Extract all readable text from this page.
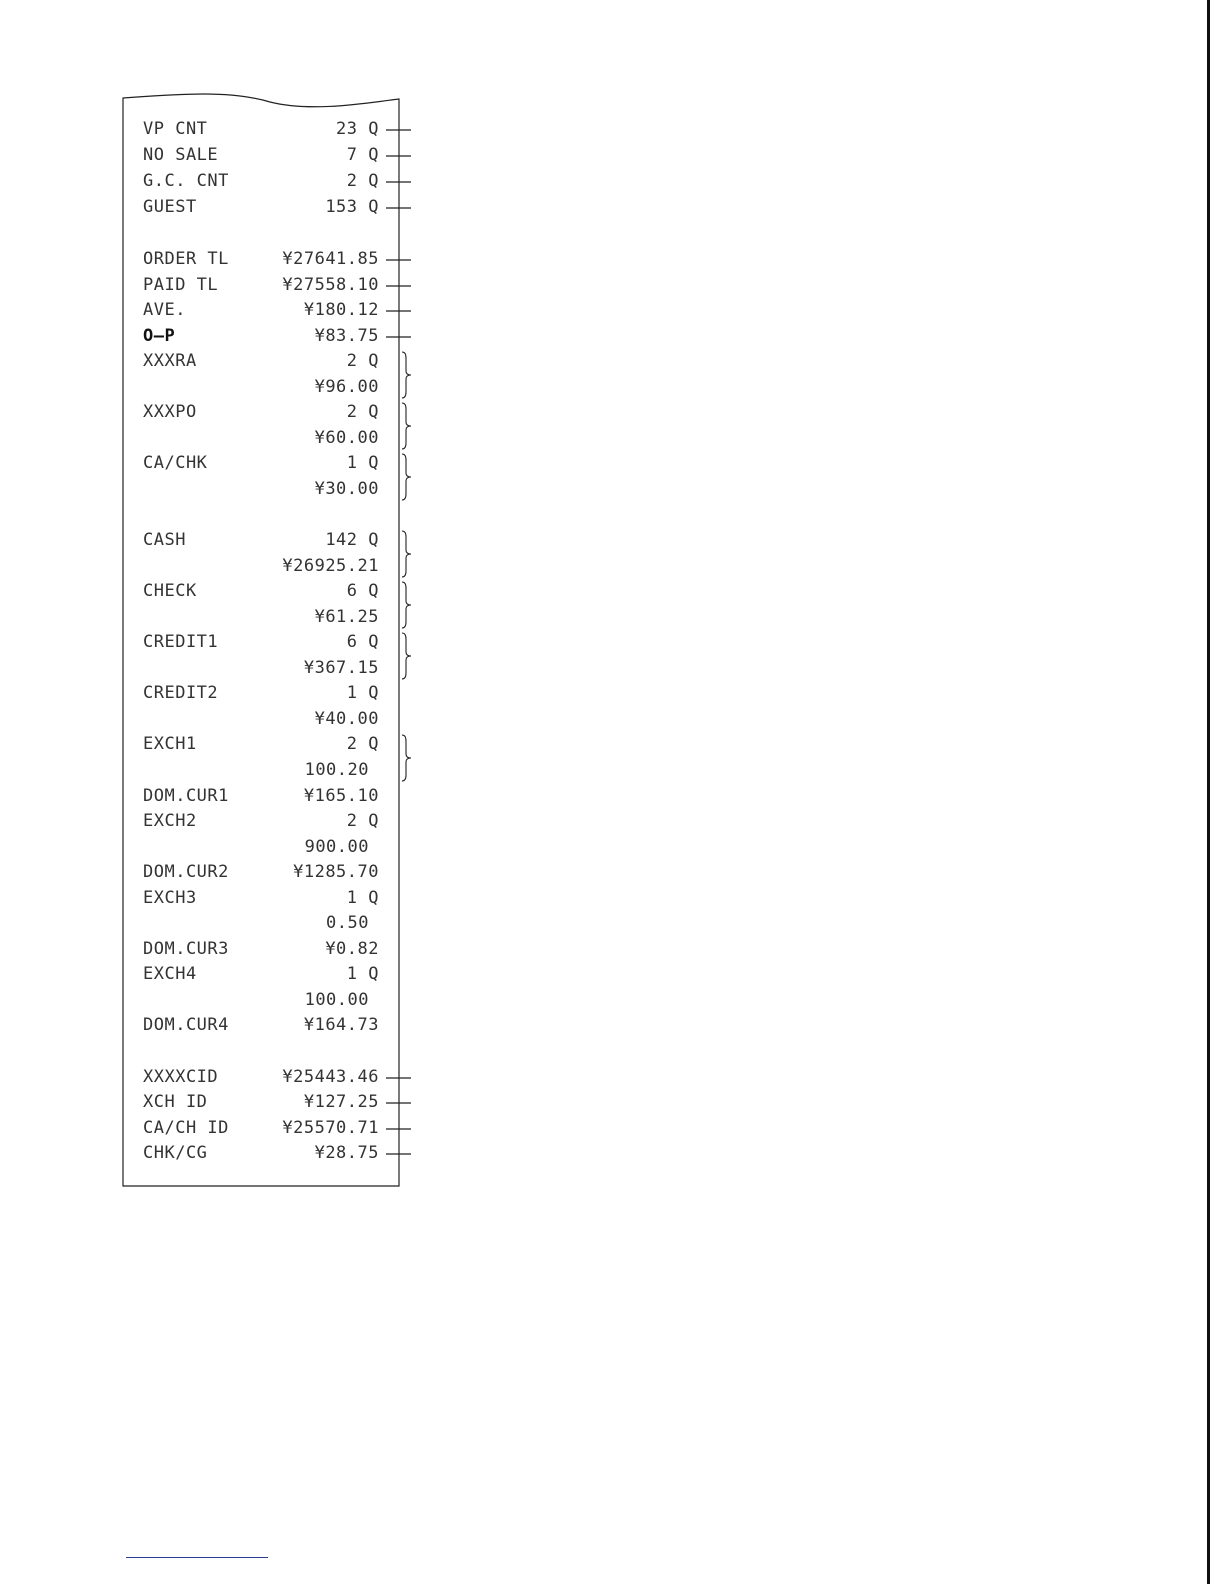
VP CNT	23 Q
NO SALE	7 Q
G.C. CNT	2 Q
GUEST	153 Q
ORDER TL	¥27641.85
PAID TL	¥27558.10
AVE.	¥180.12
O—P	¥83.75
XXXRA	2 Q
¥96.00
XXXPO	2 Q
¥60.00
CA/CHK	1 Q
¥30.00
CASH	142 Q
¥26925.21
CHECK	6 Q
¥61.25
CREDIT1	6 Q
¥367.15
CREDIT2	1 Q
¥40.00
EXCH1	2 Q
100.20
DOM.CUR1	¥165.10
EXCH2	2 Q
900.00
DOM.CUR2	¥1285.70
EXCH3	1 Q
0.50
DOM.CUR3	¥0.82
EXCH4	1 Q
100.00
DOM.CUR4	¥164.73
XXXXCID	¥25443.46
XCH ID	¥127.25
CA/CH ID	¥25570.71
CHK/CG	¥28.75
